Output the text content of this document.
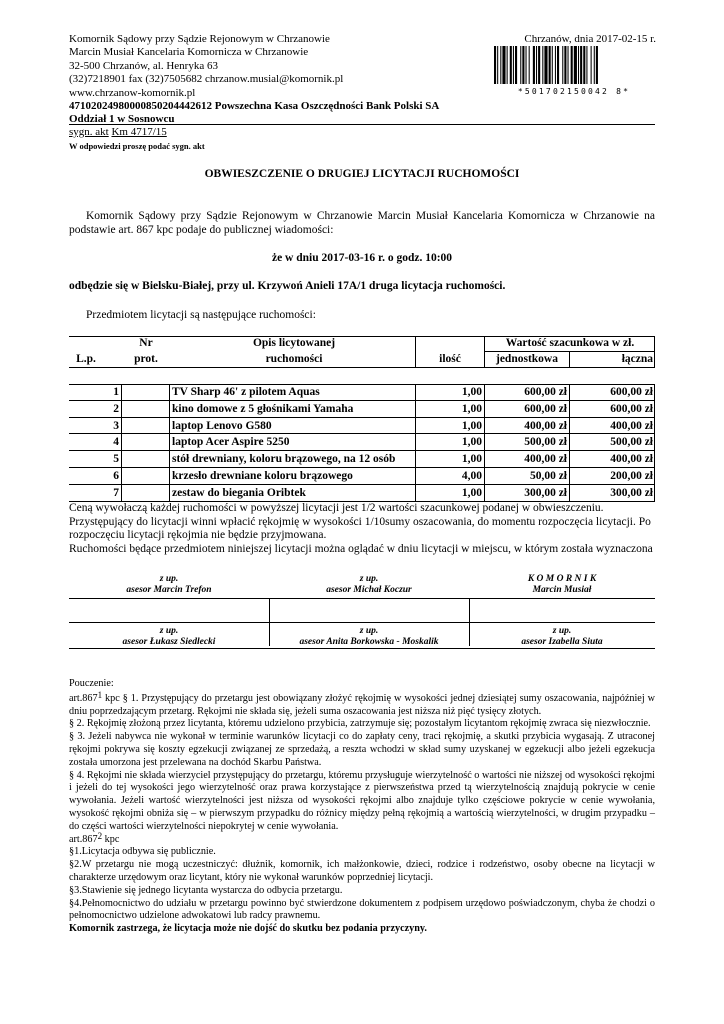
Komornik Sądowy przy Sądzie Rejonowym w Chrzanowie
Marcin Musiał Kancelaria Komornicza w Chrzanowie
32-500 Chrzanów, al. Henryka 63
(32)7218901 fax (32)7505682 chrzanow.musial@komornik.pl
www.chrzanow-komornik.pl
47102024980000850204442612 Powszechna Kasa Oszczędności Bank Polski SA
Oddział 1 w Sosnowcu
Chrzanów, dnia 2017-02-15 r.
*501702150042 8*
sygn. akt Km 4717/15
W odpowiedzi proszę podać sygn. akt
OBWIESZCZENIE O DRUGIEJ LICYTACJI RUCHOMOŚCI
Komornik Sądowy przy Sądzie Rejonowym w Chrzanowie Marcin Musiał Kancelaria Komornicza w Chrzanowie na podstawie art. 867 kpc podaje do publicznej wiadomości:
że w dniu 2017-03-16 r. o godz. 10:00
odbędzie się w Bielsku-Białej, przy ul. Krzywoń Anieli 17A/1 druga licytacja ruchomości.
Przedmiotem licytacji są następujące ruchomości:
L.p.
Nr
prot.
Opis licytowanej
ruchomości	ilość
Wartość szacunkowa w zł.
jednostkowa	łączna
1	TV Sharp 46' z pilotem Aquas	1,00	600,00 zł	600,00 zł
2	kino domowe z 5 głośnikami Yamaha	1,00	600,00 zł	600,00 zł
3	laptop Lenovo G580	1,00	400,00 zł	400,00 zł
4	laptop Acer Aspire 5250	1,00	500,00 zł	500,00 zł
5	stół drewniany, koloru brązowego, na 12 osób	1,00	400,00 zł	400,00 zł
6	krzesło drewniane koloru brązowego	4,00	50,00 zł	200,00 zł
7	zestaw do biegania Oribtek	1,00	300,00 zł	300,00 zł
Ceną wywołaczą każdej ruchomości w powyższej licytacji jest 1/2 wartości szacunkowej podanej w obwieszczeniu.
Przystępujący do licytacji winni wpłacić rękojmię w wysokości 1/10sumy oszacowania, do momentu rozpoczęcia licytacji. Po rozpoczęciu licytacji rękojmia nie będzie przyjmowana.
Ruchomości będące przedmiotem niniejszej licytacji można oglądać w dniu licytacji w miejscu, w którym została wyznaczona
z up.
asesor Marcin Trefon
z up.
asesor Michał Koczur
K O M O R N I K
Marcin Musiał
z up.
asesor Łukasz Siedlecki
z up.
asesor Anita Borkowska - Moskalik
z up.
asesor Izabella Siuta

Pouczenie:

art.867$^1$ kpc § 1. Przystępujący do przetargu jest obowiązany złożyć rękojmię w wysokości jednej dziesiątej sumy oszacowania, najpóźniej w dniu poprzedzającym przetarg. Rękojmi nie składa się, jeżeli suma oszacowania jest niższa niż pięć tysięcy złotych.

§ 2. Rękojmię złożoną przez licytanta, któremu udzielono przybicia, zatrzymuje się; pozostałym licytantom rękojmię zwraca się niezwłocznie.

§ 3. Jeżeli nabywca nie wykonał w terminie warunków licytacji co do zapłaty ceny, traci rękojmię, a skutki przybicia wygasają. Z utraconej rękojmi pokrywa się koszty egzekucji związanej ze sprzedażą, a reszta wchodzi w skład sumy uzyskanej w egzekucji albo jeżeli egzekucja została umorzona jest przelewana na dochód Skarbu Państwa.

§ 4. Rękojmi nie składa wierzyciel przystępujący do przetargu, któremu przysługuje wierzytelność o wartości nie niższej od wysokości rękojmi i jeżeli do tej wysokości jego wierzytelność oraz prawa korzystające z pierwszeństwa przed tą wierzytelnością znajdują pokrycie w cenie wywołania. Jeżeli wartość wierzytelności jest niższa od wysokości rękojmi albo znajduje tylko częściowe pokrycie w cenie wywołania, wysokość rękojmi obniża się – w pierwszym przypadku do różnicy między pełną rękojmią a wartością wierzytelności, w drugim przypadku – do części wartości wierzytelności niepokrytej w cenie wywołania.

art.867$^2$ kpc

§1.Licytacja odbywa się publicznie.

§2.W przetargu nie mogą uczestniczyć: dłużnik, komornik, ich małżonkowie, dzieci, rodzice i rodzeństwo, osoby obecne na licytacji w charakterze urzędowym oraz licytant, który nie wykonał warunków poprzedniej licytacji.

§3.Stawienie się jednego licytanta wystarcza do odbycia przetargu.

§4.Pełnomocnictwo do udziału w przetargu powinno być stwierdzone dokumentem z podpisem urzędowo poświadczonym, chyba że chodzi o pełnomocnictwo udzielone adwokatowi lub radcy prawnemu.

Komornik zastrzega, że licytacja może nie dojść do skutku bez podania przyczyny.
